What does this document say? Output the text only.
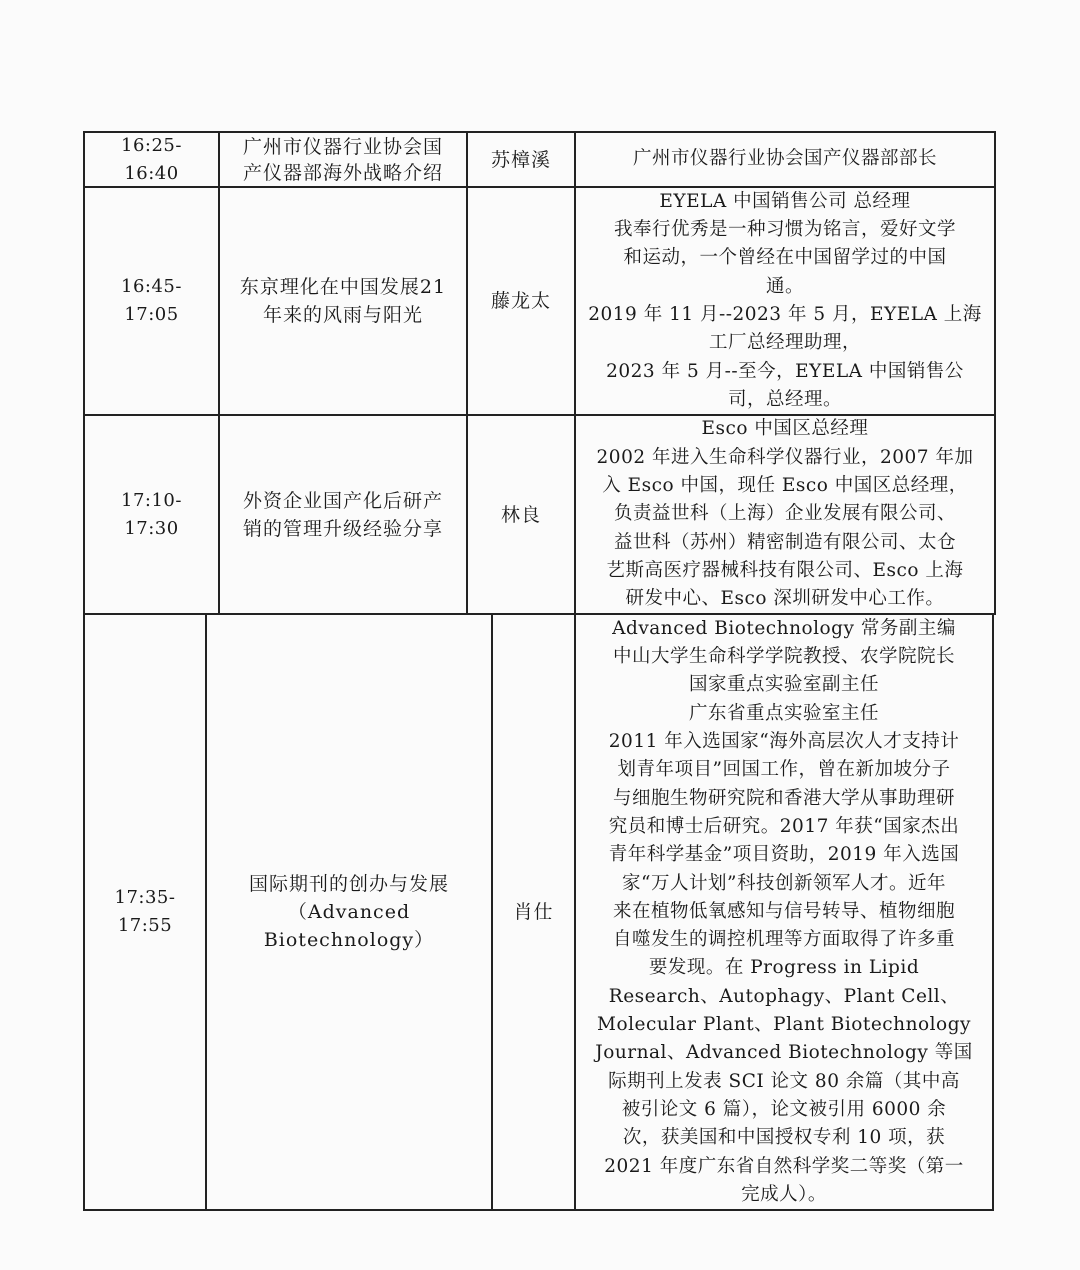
16:25-16:40
广州市仪器行业协会国
产仪器部海外战略介绍
苏樟溪	广州市仪器行业协会国产仪器部部长
16:45-17:05
东京理化在中国发展21
年来的风雨与阳光
藤龙太
EYELA 中国销售公司 总经理
我奉行优秀是一种习惯为铭言，爱好文学
和运动，一个曾经在中国留学过的中国
通。
2019 年 11 月--2023 年 5 月，EYELA 上海
工厂总经理助理，
2023 年 5 月--至今，EYELA 中国销售公
司，总经理。
17:10-17:30
外资企业国产化后研产
销的管理升级经验分享
林良
Esco 中国区总经理
2002 年进入生命科学仪器行业，2007 年加
入 Esco 中国，现任 Esco 中国区总经理，
负责益世科（上海）企业发展有限公司、
益世科（苏州）精密制造有限公司、太仓
艺斯高医疗器械科技有限公司、Esco 上海
研发中心、Esco 深圳研发中心工作。
17:35-
17:55
国际期刊的创办与发展
（Advanced
Biotechnology）
肖仕
Advanced Biotechnology 常务副主编
中山大学生命科学学院教授、农学院院长
国家重点实验室副主任
广东省重点实验室主任
2011 年入选国家“海外高层次人才支持计
划青年项目”回国工作，曾在新加坡分子
与细胞生物研究院和香港大学从事助理研
究员和博士后研究。2017 年获“国家杰出
青年科学基金”项目资助，2019 年入选国
家“万人计划”科技创新领军人才。近年
来在植物低氧感知与信号转导、植物细胞
自噬发生的调控机理等方面取得了许多重
要发现。在 Progress in Lipid
Research、Autophagy、Plant Cell、
Molecular Plant、Plant Biotechnology
Journal、Advanced Biotechnology 等国
际期刊上发表 SCI 论文 80 余篇（其中高
被引论文 6 篇），论文被引用 6000 余
次，获美国和中国授权专利 10 项，获
2021 年度广东省自然科学奖二等奖（第一
完成人）。
